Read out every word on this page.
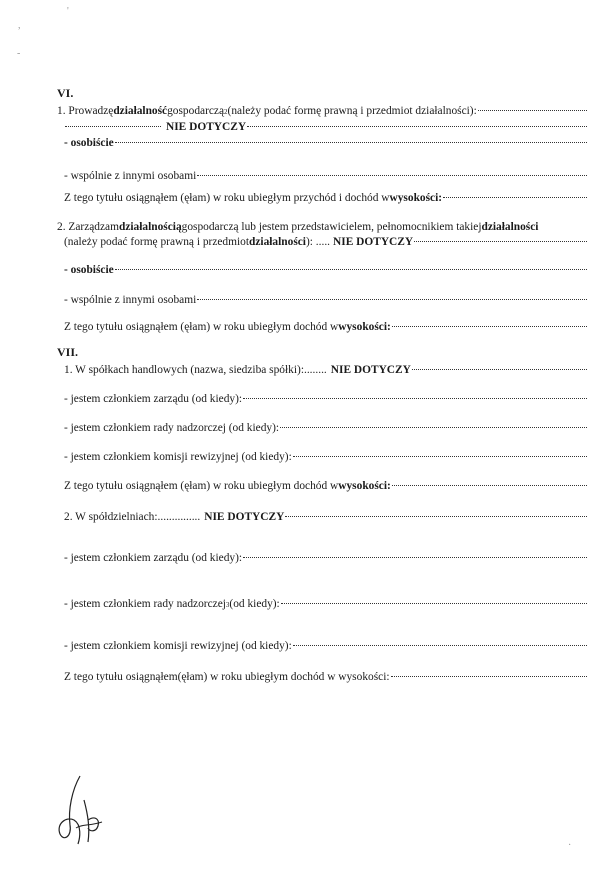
,
'
-
VI.
1. Prowadzę działalność gospodarczą 2 (należy podać formę prawną i przedmiot działalności):
NIE DOTYCZY
- osobiście
- wspólnie z innymi osobami
Z tego tytułu osiągnąłem (ęłam) w roku ubiegłym przychód i dochód w wysokości:
2. Zarządzam działalnością gospodarczą lub jestem przedstawicielem, pełnomocnikiem takiej działalności
(należy podać formę prawną i przedmiot działalności ): ..... NIE DOTYCZY
- osobiście
- wspólnie z innymi osobami
Z tego tytułu osiągnąłem (ęłam) w roku ubiegłym dochód w wysokości:
VII.
1. W spółkach handlowych (nazwa, siedziba spółki):........ NIE DOTYCZY
- jestem członkiem zarządu (od kiedy):
- jestem członkiem rady nadzorczej (od kiedy):
- jestem członkiem komisji rewizyjnej (od kiedy):
Z tego tytułu osiągnąłem (ęłam) w roku ubiegłym dochód w wysokości:
2. W spółdzielniach:............... NIE DOTYCZY
- jestem członkiem zarządu (od kiedy):
- jestem członkiem rady nadzorczej 3 (od kiedy):
- jestem członkiem komisji rewizyjnej (od kiedy):
Z tego tytułu osiągnąłem(ęłam) w roku ubiegłym dochód w wysokości:
·
